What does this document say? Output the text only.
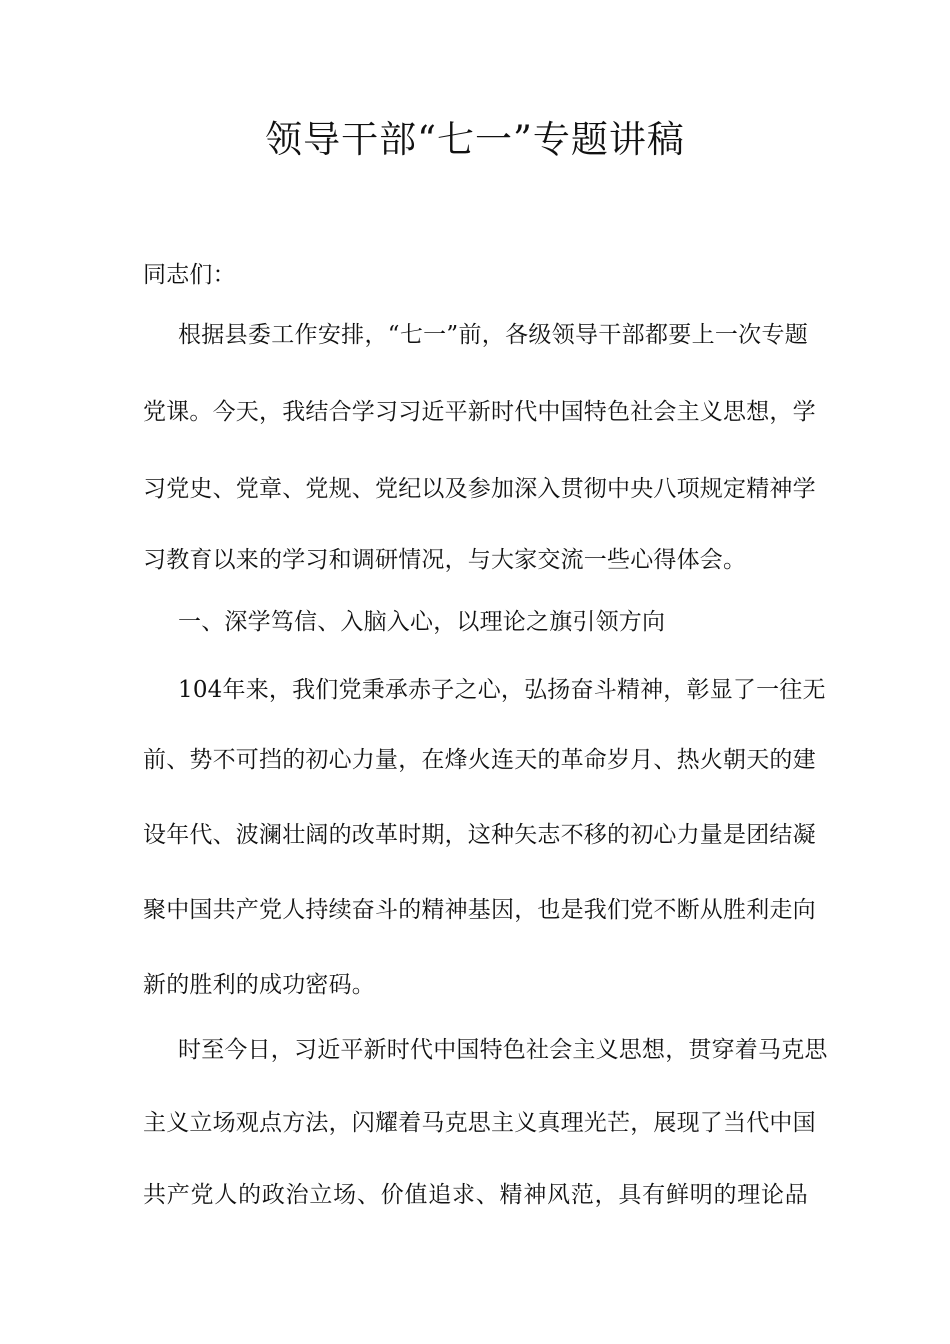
领导干部“七一”专题讲稿
同志们：
根据县委工作安排，“七一”前，各级领导干部都要上一次专题
党课。今天，我结合学习习近平新时代中国特色社会主义思想，学
习党史、党章、党规、党纪以及参加深入贯彻中央八项规定精神学
习教育以来的学习和调研情况，与大家交流一些心得体会。
一、深学笃信、入脑入心，以理论之旗引领方向
104年来，我们党秉承赤子之心，弘扬奋斗精神，彰显了一往无
前、势不可挡的初心力量，在烽火连天的革命岁月、热火朝天的建
设年代、波澜壮阔的改革时期，这种矢志不移的初心力量是团结凝
聚中国共产党人持续奋斗的精神基因，也是我们党不断从胜利走向
新的胜利的成功密码。
时至今日，习近平新时代中国特色社会主义思想，贯穿着马克思
主义立场观点方法，闪耀着马克思主义真理光芒，展现了当代中国
共产党人的政治立场、价值追求、精神风范，具有鲜明的理论品
